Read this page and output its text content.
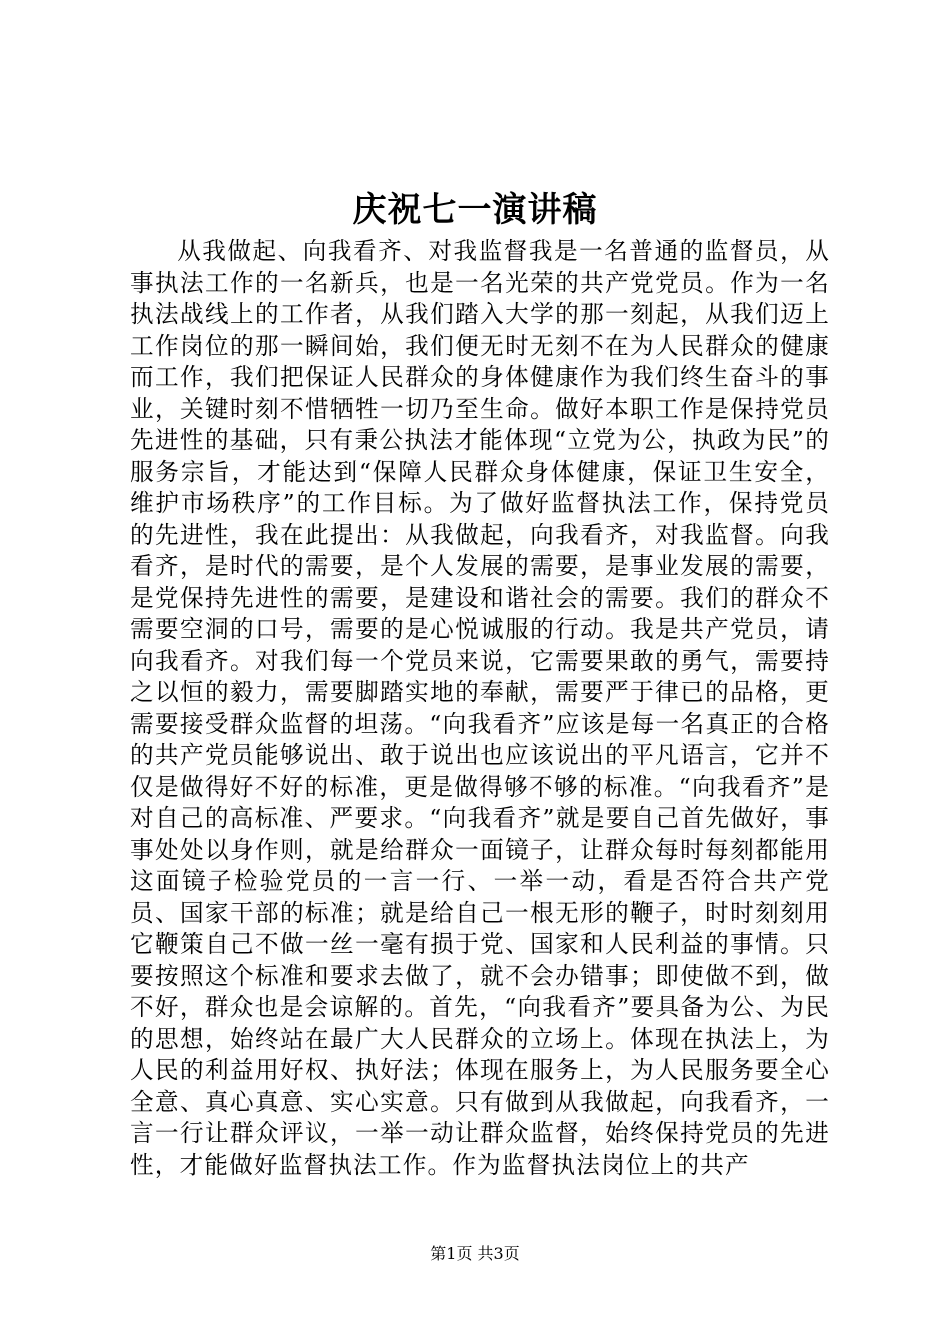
庆祝七一演讲稿

从我做起、向我看齐、对我监督我是一名普通的监督员，从事执法工作的一名新兵，也是一名光荣的共产党党员。作为一名执法战线上的工作者，从我们踏入大学的那一刻起，从我们迈上工作岗位的那一瞬间始，我们便无时无刻不在为人民群众的健康而工作，我们把保证人民群众的身体健康作为我们终生奋斗的事业，关键时刻不惜牺牲一切乃至生命。做好本职工作是保持党员先进性的基础，只有秉公执法才能体现“立党为公，执政为民”的服务宗旨，才能达到“保障人民群众身体健康，保证卫生安全，维护市场秩序”的工作目标。为了做好监督执法工作，保持党员的先进性，我在此提出：从我做起，向我看齐，对我监督。向我看齐，是时代的需要，是个人发展的需要，是事业发展的需要，是党保持先进性的需要，是建设和谐社会的需要。我们的群众不需要空洞的口号，需要的是心悦诚服的行动。我是共产党员，请向我看齐。对我们每一个党员来说，它需要果敢的勇气，需要持之以恒的毅力，需要脚踏实地的奉献，需要严于律已的品格，更需要接受群众监督的坦荡。“向我看齐”应该是每一名真正的合格的共产党员能够说出、敢于说出也应该说出的平凡语言，它并不仅是做得好不好的标准，更是做得够不够的标准。“向我看齐”是对自己的高标准、严要求。“向我看齐”就是要自己首先做好，事事处处以身作则，就是给群众一面镜子，让群众每时每刻都能用这面镜子检验党员的一言一行、一举一动，看是否符合共产党员、国家干部的标准；就是给自己一根无形的鞭子，时时刻刻用它鞭策自己不做一丝一毫有损于党、国家和人民利益的事情。只要按照这个标准和要求去做了，就不会办错事；即使做不到，做不好，群众也是会谅解的。首先，“向我看齐”要具备为公、为民的思想，始终站在最广大人民群众的立场上。体现在执法上，为人民的利益用好权、执好法；体现在服务上，为人民服务要全心全意、真心真意、实心实意。只有做到从我做起，向我看齐，一言一行让群众评议，一举一动让群众监督，始终保持党员的先进性，才能做好监督执法工作。作为监督执法岗位上的共产

第1页 共3页
